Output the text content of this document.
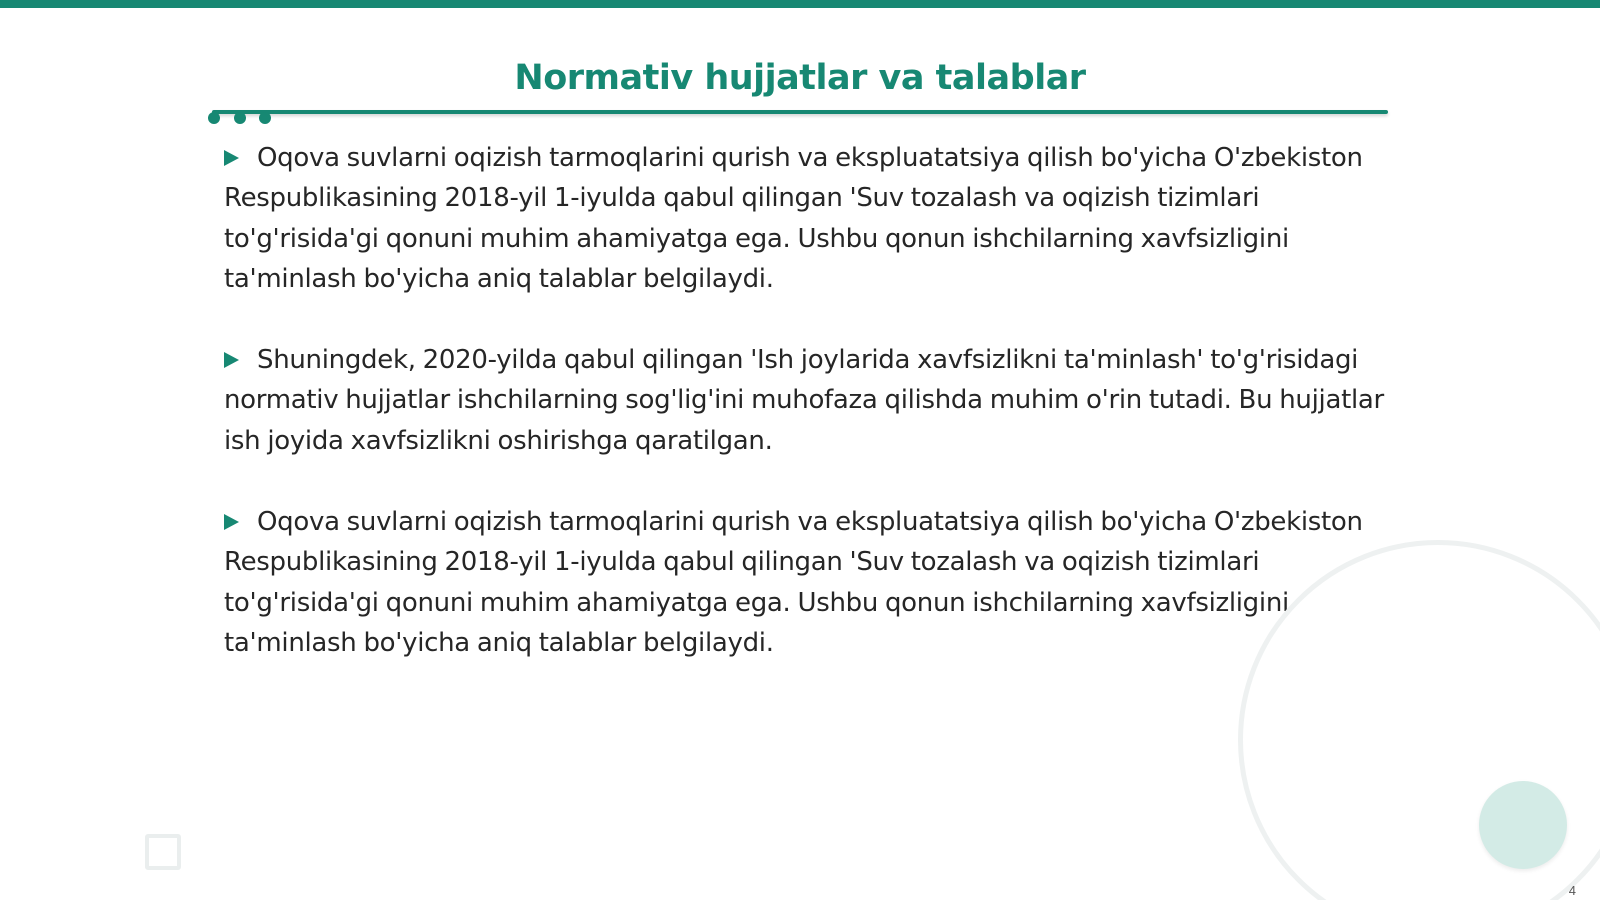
Normativ hujjatlar va talablar

Oqova suvlarni oqizish tarmoqlarini qurish va ekspluatatsiya qilish bo'yicha O'zbekiston Respublikasining 2018-yil 1-iyulda qabul qilingan 'Suv tozalash va oqizish tizimlari to'g'risida'gi qonuni muhim ahamiyatga ega. Ushbu qonun ishchilarning xavfsizligini ta'minlash bo'yicha aniq talablar belgilaydi.

Shuningdek, 2020-yilda qabul qilingan 'Ish joylarida xavfsizlikni ta'minlash' to'g'risidagi normativ hujjatlar ishchilarning sog'lig'ini muhofaza qilishda muhim o'rin tutadi. Bu hujjatlar ish joyida xavfsizlikni oshirishga qaratilgan.

Oqova suvlarni oqizish tarmoqlarini qurish va ekspluatatsiya qilish bo'yicha O'zbekiston Respublikasining 2018-yil 1-iyulda qabul qilingan 'Suv tozalash va oqizish tizimlari to'g'risida'gi qonuni muhim ahamiyatga ega. Ushbu qonun ishchilarning xavfsizligini ta'minlash bo'yicha aniq talablar belgilaydi.

4
